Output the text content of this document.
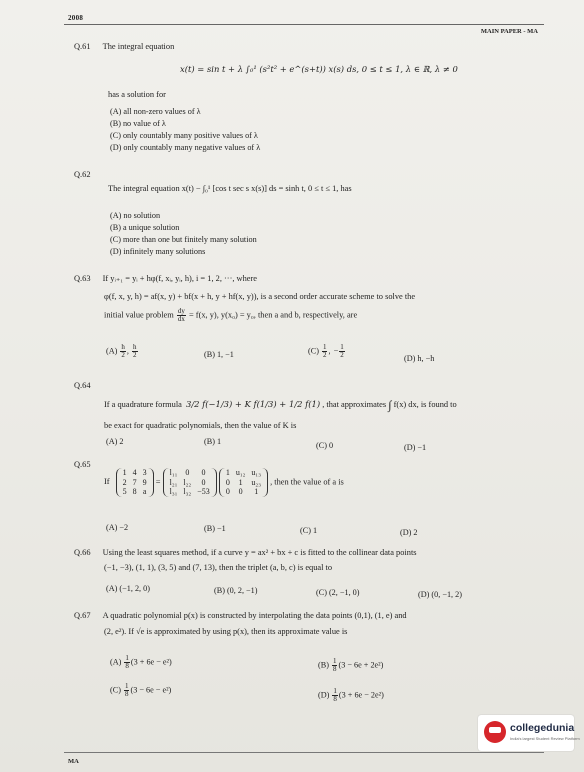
2008
MAIN PAPER - MA
Q.61 The integral equation
x(t) = sin t + λ ∫₀¹ (s²t² + e^(s+t)) x(s) ds, 0 ≤ t ≤ 1, λ ∈ ℝ, λ ≠ 0
has a solution for
(A) all non-zero values of λ
(B) no value of λ
(C) only countably many positive values of λ
(D) only countably many negative values of λ
Q.62
The integral equation x(t) − ∫₀¹ [cos t sec s x(s)] ds = sinh t, 0 ≤ t ≤ 1, has
(A) no solution
(B) a unique solution
(C) more than one but finitely many solution
(D) infinitely many solutions
Q.63 If yᵢ₊₁ = yᵢ + hφ(f, xᵢ, yᵢ, h), i = 1, 2, ···, where
φ(f, x, y, h) = af(x, y) + bf(x + h, y + hf(x, y)), is a second order accurate scheme to solve the
initial value problem $\frac{dy}{dx} = f(x$, y), y(x₀) = y₀, then a and b, respectively, are
$(A) \frac{h}{2}$ , $\frac{h}{2}$	(B) 1, −1	$(C) \frac{1}{2}$ , − $\frac{1}{2}$	(D) h, −h
Q.64
If a quadrature formula 3/2 f(−1/3) + K f(1/3) + 1/2 f(1) , that approximates ∫ f(x) dx, is found to
be exact for quadratic polynomials, then the value of K is
(A) 2	(B) 1	(C) 0	(D) −1
Q.65
If
1	4	3
2	7	9
5	8	a
=
l₁₁	0	0
l₂₁	l₂₂	0
l₃₁	l₃₂	−53

1	u₁₂	u₁₃
0	1	u₂₃
0	0	1
, then the value of a is
(A) −2	(B) −1	(C) 1	(D) 2
Q.66 Using the least squares method, if a curve y = ax² + bx + c is fitted to the collinear data points
(−1, −3), (1, 1), (3, 5) and (7, 13), then the triplet (a, b, c) is equal to
(A) (−1, 2, 0)	(B) (0, 2, −1)	(C) (2, −1, 0)	(D) (0, −1, 2)
Q.67 A quadratic polynomial p(x) is constructed by interpolating the data points (0,1), (1, e) and
(2, e²). If √e is approximated by using p(x), then its approximate value is
$(A) \frac{1}{8} (3 + 6e - e^2)$	$(B) \frac{1}{8} (3 - 6e + 2e^2)$
$(C) \frac{1}{8} (3 - 6e - e^2)$
$(D) \frac{1}{8} (3 + 6e - 2e^2)$
MA
collegedunia
India's largest Student Review Platform
